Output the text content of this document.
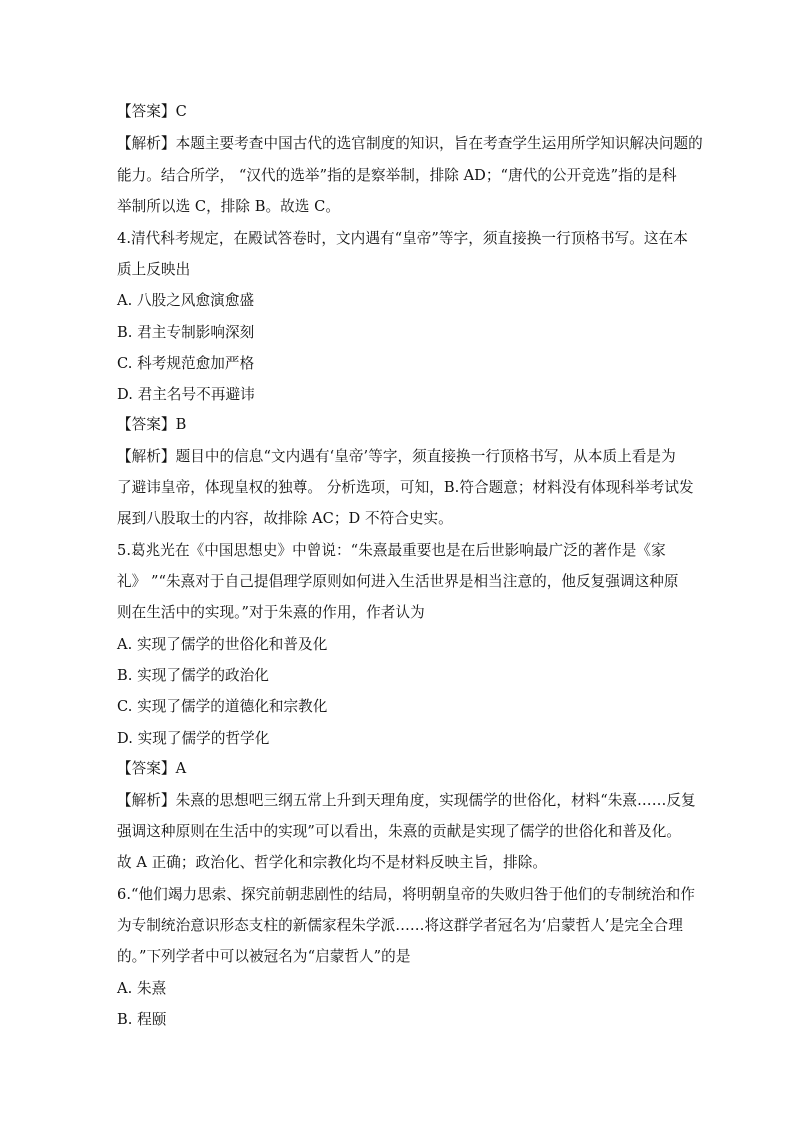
【答案】C
【解析】本题主要考查中国古代的选官制度的知识，旨在考查学生运用所学知识解决问题的
能力。结合所学， “汉代的选举”指的是察举制，排除 AD；“唐代的公开竞选”指的是科
举制所以选 C，排除 B。故选 C。
4.清代科考规定，在殿试答卷时，文内遇有“皇帝”等字，须直接换一行顶格书写。这在本
质上反映出
A. 八股之风愈演愈盛
B. 君主专制影响深刻
C. 科考规范愈加严格
D. 君主名号不再避讳
【答案】B
【解析】题目中的信息“文内遇有‘皇帝’等字，须直接换一行顶格书写，从本质上看是为
了避讳皇帝，体现皇权的独尊。 分析选项，可知，B.符合题意；材料没有体现科举考试发
展到八股取士的内容，故排除 AC；D 不符合史实。
5.葛兆光在《中国思想史》中曾说：“朱熹最重要也是在后世影响最广泛的著作是《家
礼》 ”“朱熹对于自己提倡理学原则如何进入生活世界是相当注意的，他反复强调这种原
则在生活中的实现。”对于朱熹的作用，作者认为
A. 实现了儒学的世俗化和普及化
B. 实现了儒学的政治化
C. 实现了儒学的道德化和宗教化
D. 实现了儒学的哲学化
【答案】A
【解析】朱熹的思想吧三纲五常上升到天理角度，实现儒学的世俗化，材料“朱熹……反复
强调这种原则在生活中的实现”可以看出，朱熹的贡献是实现了儒学的世俗化和普及化。
故 A 正确；政治化、哲学化和宗教化均不是材料反映主旨，排除。
6.“他们竭力思索、探究前朝悲剧性的结局，将明朝皇帝的失败归咎于他们的专制统治和作
为专制统治意识形态支柱的新儒家程朱学派……将这群学者冠名为‘启蒙哲人’是完全合理
的。”下列学者中可以被冠名为“启蒙哲人”的是
A. 朱熹
B. 程颐
